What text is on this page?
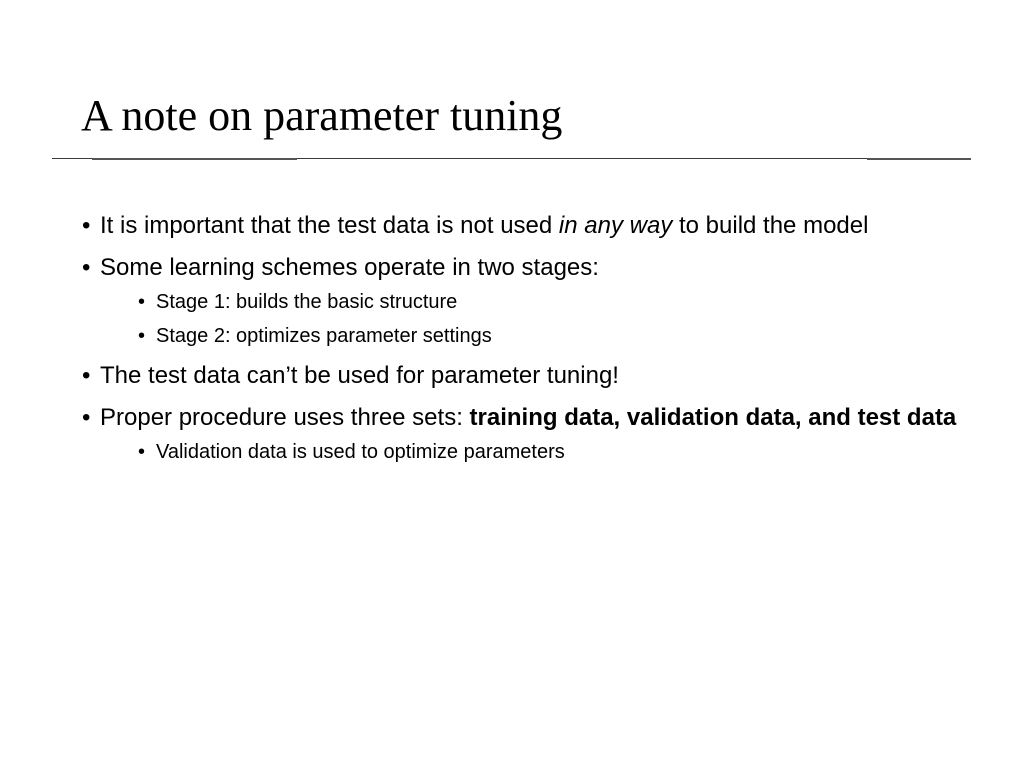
A note on parameter tuning
• It is important that the test data is not used in any way to build the model
• Some learning schemes operate in two stages:
• Stage 1: builds the basic structure
• Stage 2: optimizes parameter settings
• The test data can’t be used for parameter tuning!
• Proper procedure uses three sets: training data, validation data, and test data
• Validation data is used to optimize parameters
